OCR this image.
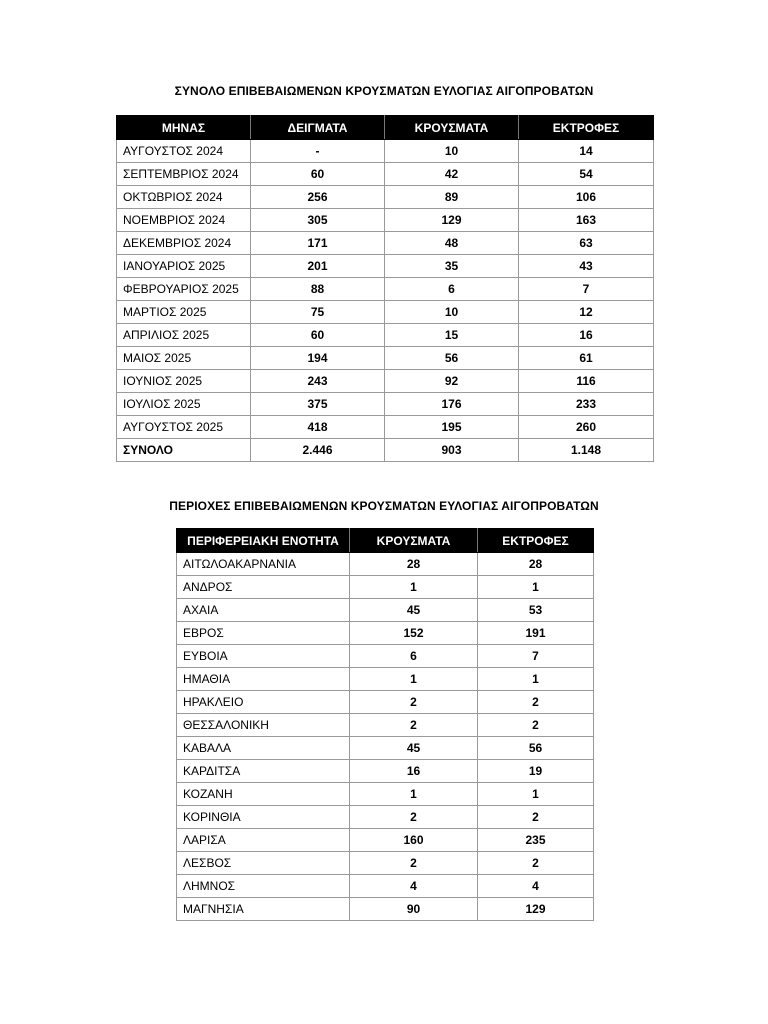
ΣΥΝΟΛΟ ΕΠΙΒΕΒΑΙΩΜΕΝΩΝ ΚΡΟΥΣΜΑΤΩΝ ΕΥΛΟΓΙΑΣ ΑΙΓΟΠΡΟΒΑΤΩΝ
ΜΗΝΑΣ	ΔΕΙΓΜΑΤΑ	ΚΡΟΥΣΜΑΤΑ	ΕΚΤΡΟΦΕΣ
ΑΥΓΟΥΣΤΟΣ 2024	-	10	14
ΣΕΠΤΕΜΒΡΙΟΣ 2024	60	42	54
ΟΚΤΩΒΡΙΟΣ 2024	256	89	106
ΝΟΕΜΒΡΙΟΣ 2024	305	129	163
ΔΕΚΕΜΒΡΙΟΣ 2024	171	48	63
ΙΑΝΟΥΑΡΙΟΣ 2025	201	35	43
ΦΕΒΡΟΥΑΡΙΟΣ 2025	88	6	7
ΜΑΡΤΙΟΣ 2025	75	10	12
ΑΠΡΙΛΙΟΣ 2025	60	15	16
ΜΑΙΟΣ 2025	194	56	61
ΙΟΥΝΙΟΣ 2025	243	92	116
ΙΟΥΛΙΟΣ 2025	375	176	233
ΑΥΓΟΥΣΤΟΣ 2025	418	195	260
ΣΥΝΟΛΟ	2.446	903	1.148
ΠΕΡΙΟΧΕΣ ΕΠΙΒΕΒΑΙΩΜΕΝΩΝ ΚΡΟΥΣΜΑΤΩΝ ΕΥΛΟΓΙΑΣ ΑΙΓΟΠΡΟΒΑΤΩΝ
ΠΕΡΙΦΕΡΕΙΑΚΗ ΕΝΟΤΗΤΑ	ΚΡΟΥΣΜΑΤΑ	ΕΚΤΡΟΦΕΣ
ΑΙΤΩΛΟΑΚΑΡΝΑΝΙΑ	28	28
ΑΝΔΡΟΣ	1	1
ΑΧΑΙΑ	45	53
ΕΒΡΟΣ	152	191
ΕΥΒΟΙΑ	6	7
ΗΜΑΘΙΑ	1	1
ΗΡΑΚΛΕΙΟ	2	2
ΘΕΣΣΑΛΟΝΙΚΗ	2	2
ΚΑΒΑΛΑ	45	56
ΚΑΡΔΙΤΣΑ	16	19
ΚΟΖΑΝΗ	1	1
ΚΟΡΙΝΘΙΑ	2	2
ΛΑΡΙΣΑ	160	235
ΛΕΣΒΟΣ	2	2
ΛΗΜΝΟΣ	4	4
ΜΑΓΝΗΣΙΑ	90	129
